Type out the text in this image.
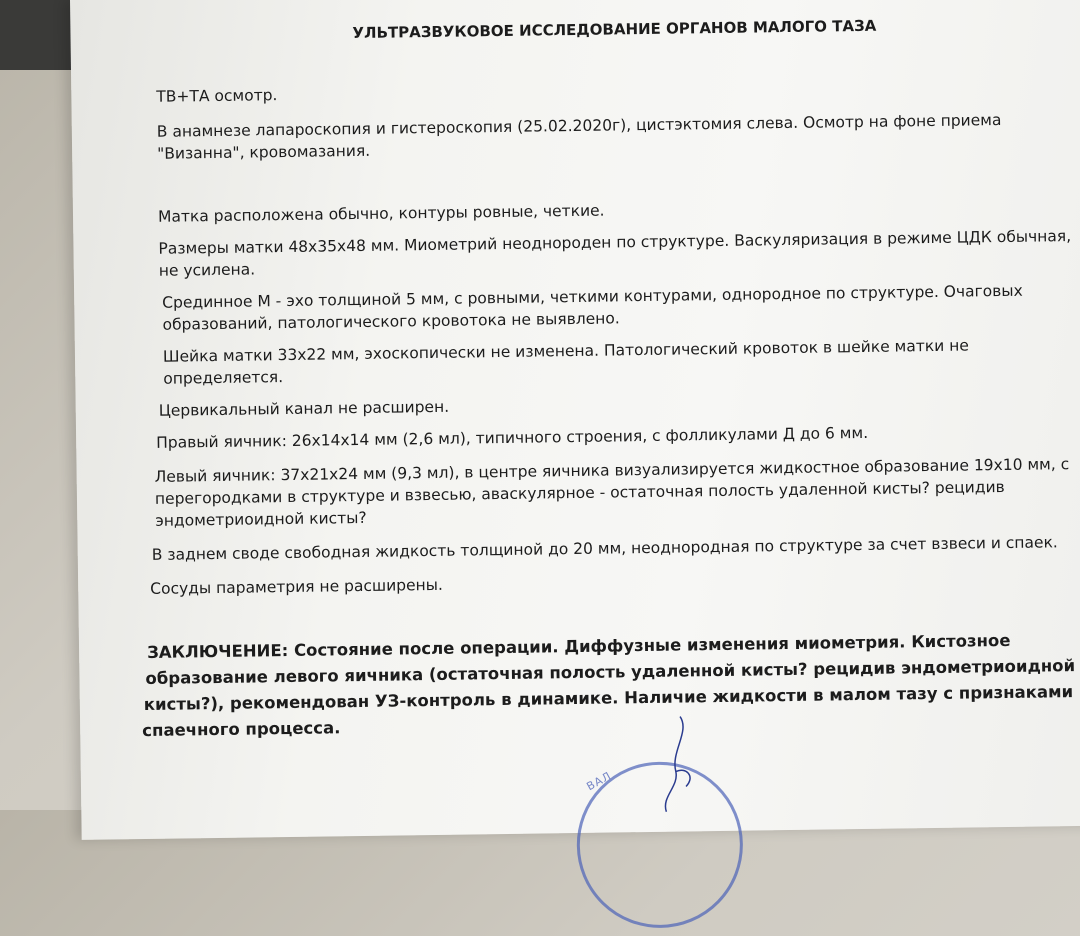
УЛЬТРАЗВУКОВОЕ ИССЛЕДОВАНИЕ ОРГАНОВ МАЛОГО ТАЗА
ТВ+ТА осмотр.
В анамнезе лапароскопия и гистероскопия (25.02.2020г), цистэктомия слева. Осмотр на фоне приема
"Визанна", кровомазания.
Матка расположена обычно, контуры ровные, четкие.
Размеры матки 48х35х48 мм. Миометрий неоднороден по структуре. Васкуляризация в режиме ЦДК обычная,
не усилена.
Срединное М - эхо толщиной 5 мм, с ровными, четкими контурами, однородное по структуре. Очаговых
образований, патологического кровотока не выявлено.
Шейка матки 33х22 мм, эхоскопически не изменена. Патологический кровоток в шейке матки не
определяется.
Цервикальный канал не расширен.
Правый яичник: 26х14х14 мм (2,6 мл), типичного строения, с фолликулами Д до 6 мм.
Левый яичник: 37х21х24 мм (9,3 мл), в центре яичника визуализируется жидкостное образование 19х10 мм, с
перегородками в структуре и взвесью, аваскулярное - остаточная полость удаленной кисты? рецидив
эндометриоидной кисты?
В заднем своде свободная жидкость толщиной до 20 мм, неоднородная по структуре за счет взвеси и спаек.
Сосуды параметрия не расширены.
ЗАКЛЮЧЕНИЕ: Состояние после операции. Диффузные изменения миометрия. Кистозное
образование левого яичника (остаточная полость удаленной кисты? рецидив эндометриоидной
кисты?), рекомендован УЗ-контроль в динамике. Наличие жидкости в малом тазу с признаками
спаечного процесса.
ВАЛ
